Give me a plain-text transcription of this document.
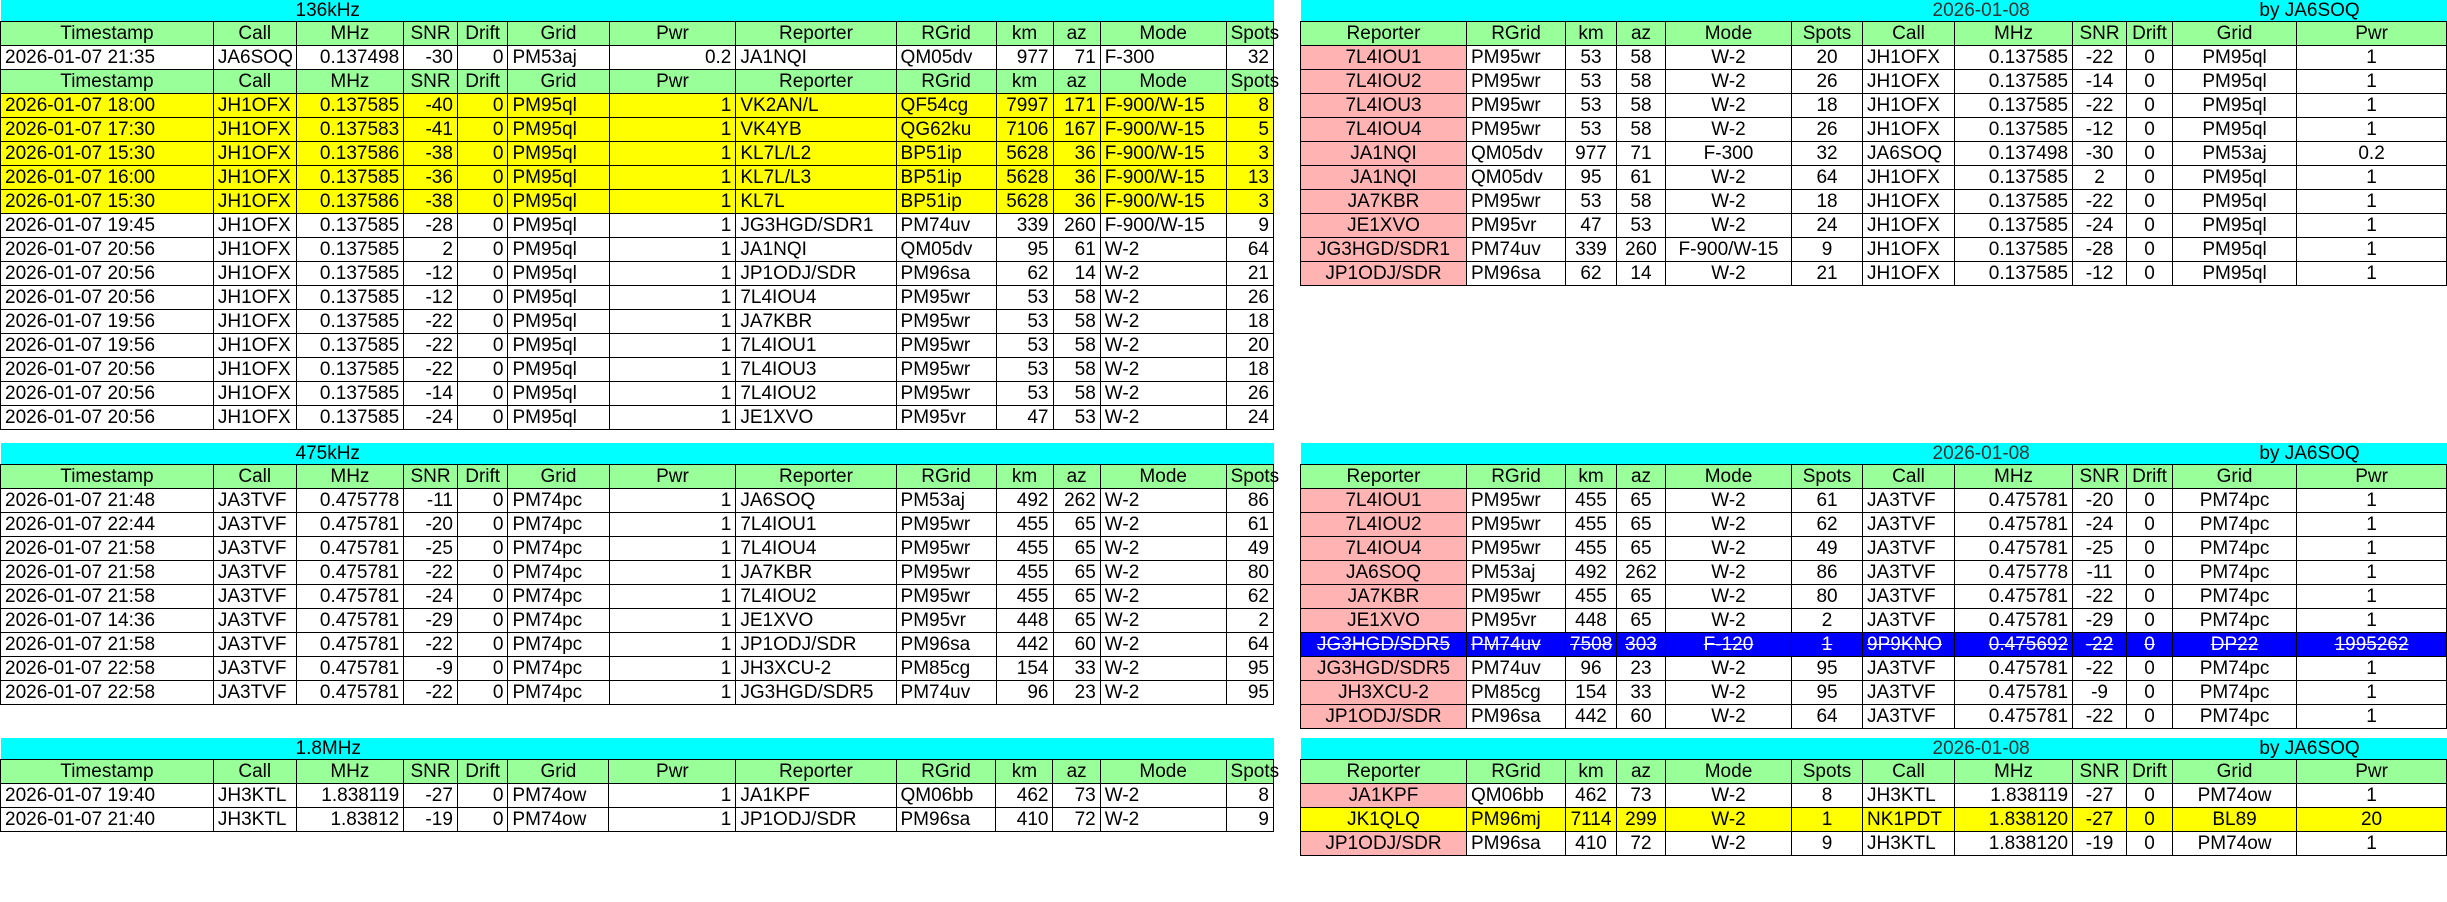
136kHz												
Timestamp	Call	MHz	SNR	Drift	Grid	Pwr	Reporter	RGrid	km	az	Mode	Spots
2026-01-07 21:35	JA6SOQ	0.137498	-30	0	PM53aj	0.2	JA1NQI	QM05dv	977	71	F-300	32
Timestamp	Call	MHz	SNR	Drift	Grid	Pwr	Reporter	RGrid	km	az	Mode	Spots
2026-01-07 18:00	JH1OFX	0.137585	-40	0	PM95ql	1	VK2AN/L	QF54cg	7997	171	F-900/W-15	8
2026-01-07 17:30	JH1OFX	0.137583	-41	0	PM95ql	1	VK4YB	QG62ku	7106	167	F-900/W-15	5
2026-01-07 15:30	JH1OFX	0.137586	-38	0	PM95ql	1	KL7L/L2	BP51ip	5628	36	F-900/W-15	3
2026-01-07 16:00	JH1OFX	0.137585	-36	0	PM95ql	1	KL7L/L3	BP51ip	5628	36	F-900/W-15	13
2026-01-07 15:30	JH1OFX	0.137586	-38	0	PM95ql	1	KL7L	BP51ip	5628	36	F-900/W-15	3
2026-01-07 19:45	JH1OFX	0.137585	-28	0	PM95ql	1	JG3HGD/SDR1	PM74uv	339	260	F-900/W-15	9
2026-01-07 20:56	JH1OFX	0.137585	2	0	PM95ql	1	JA1NQI	QM05dv	95	61	W-2	64
2026-01-07 20:56	JH1OFX	0.137585	-12	0	PM95ql	1	JP1ODJ/SDR	PM96sa	62	14	W-2	21
2026-01-07 20:56	JH1OFX	0.137585	-12	0	PM95ql	1	7L4IOU4	PM95wr	53	58	W-2	26
2026-01-07 19:56	JH1OFX	0.137585	-22	0	PM95ql	1	JA7KBR	PM95wr	53	58	W-2	18
2026-01-07 19:56	JH1OFX	0.137585	-22	0	PM95ql	1	7L4IOU1	PM95wr	53	58	W-2	20
2026-01-07 20:56	JH1OFX	0.137585	-22	0	PM95ql	1	7L4IOU3	PM95wr	53	58	W-2	18
2026-01-07 20:56	JH1OFX	0.137585	-14	0	PM95ql	1	7L4IOU2	PM95wr	53	58	W-2	26
2026-01-07 20:56	JH1OFX	0.137585	-24	0	PM95ql	1	JE1XVO	PM95vr	47	53	W-2	24
						2026-01-08				by JA6SOQ	
Reporter	RGrid	km	az	Mode	Spots	Call	MHz	SNR	Drift	Grid	Pwr
7L4IOU1	PM95wr	53	58	W-2	20	JH1OFX	0.137585	-22	0	PM95ql	1
7L4IOU2	PM95wr	53	58	W-2	26	JH1OFX	0.137585	-14	0	PM95ql	1
7L4IOU3	PM95wr	53	58	W-2	18	JH1OFX	0.137585	-22	0	PM95ql	1
7L4IOU4	PM95wr	53	58	W-2	26	JH1OFX	0.137585	-12	0	PM95ql	1
JA1NQI	QM05dv	977	71	F-300	32	JA6SOQ	0.137498	-30	0	PM53aj	0.2
JA1NQI	QM05dv	95	61	W-2	64	JH1OFX	0.137585	2	0	PM95ql	1
JA7KBR	PM95wr	53	58	W-2	18	JH1OFX	0.137585	-22	0	PM95ql	1
JE1XVO	PM95vr	47	53	W-2	24	JH1OFX	0.137585	-24	0	PM95ql	1
JG3HGD/SDR1	PM74uv	339	260	F-900/W-15	9	JH1OFX	0.137585	-28	0	PM95ql	1
JP1ODJ/SDR	PM96sa	62	14	W-2	21	JH1OFX	0.137585	-12	0	PM95ql	1
475kHz												
Timestamp	Call	MHz	SNR	Drift	Grid	Pwr	Reporter	RGrid	km	az	Mode	Spots
2026-01-07 21:48	JA3TVF	0.475778	-11	0	PM74pc	1	JA6SOQ	PM53aj	492	262	W-2	86
2026-01-07 22:44	JA3TVF	0.475781	-20	0	PM74pc	1	7L4IOU1	PM95wr	455	65	W-2	61
2026-01-07 21:58	JA3TVF	0.475781	-25	0	PM74pc	1	7L4IOU4	PM95wr	455	65	W-2	49
2026-01-07 21:58	JA3TVF	0.475781	-22	0	PM74pc	1	JA7KBR	PM95wr	455	65	W-2	80
2026-01-07 21:58	JA3TVF	0.475781	-24	0	PM74pc	1	7L4IOU2	PM95wr	455	65	W-2	62
2026-01-07 14:36	JA3TVF	0.475781	-29	0	PM74pc	1	JE1XVO	PM95vr	448	65	W-2	2
2026-01-07 21:58	JA3TVF	0.475781	-22	0	PM74pc	1	JP1ODJ/SDR	PM96sa	442	60	W-2	64
2026-01-07 22:58	JA3TVF	0.475781	-9	0	PM74pc	1	JH3XCU-2	PM85cg	154	33	W-2	95
2026-01-07 22:58	JA3TVF	0.475781	-22	0	PM74pc	1	JG3HGD/SDR5	PM74uv	96	23	W-2	95
						2026-01-08				by JA6SOQ	
Reporter	RGrid	km	az	Mode	Spots	Call	MHz	SNR	Drift	Grid	Pwr
7L4IOU1	PM95wr	455	65	W-2	61	JA3TVF	0.475781	-20	0	PM74pc	1
7L4IOU2	PM95wr	455	65	W-2	62	JA3TVF	0.475781	-24	0	PM74pc	1
7L4IOU4	PM95wr	455	65	W-2	49	JA3TVF	0.475781	-25	0	PM74pc	1
JA6SOQ	PM53aj	492	262	W-2	86	JA3TVF	0.475778	-11	0	PM74pc	1
JA7KBR	PM95wr	455	65	W-2	80	JA3TVF	0.475781	-22	0	PM74pc	1
JE1XVO	PM95vr	448	65	W-2	2	JA3TVF	0.475781	-29	0	PM74pc	1
JG3HGD/SDR5	PM74uv	7508	303	F-120	1	9P9KNO	0.475692	-22	0	DP22	1995262
JG3HGD/SDR5	PM74uv	96	23	W-2	95	JA3TVF	0.475781	-22	0	PM74pc	1
JH3XCU-2	PM85cg	154	33	W-2	95	JA3TVF	0.475781	-9	0	PM74pc	1
JP1ODJ/SDR	PM96sa	442	60	W-2	64	JA3TVF	0.475781	-22	0	PM74pc	1
1.8MHz												
Timestamp	Call	MHz	SNR	Drift	Grid	Pwr	Reporter	RGrid	km	az	Mode	Spots
2026-01-07 19:40	JH3KTL	1.838119	-27	0	PM74ow	1	JA1KPF	QM06bb	462	73	W-2	8
2026-01-07 21:40	JH3KTL	1.83812	-19	0	PM74ow	1	JP1ODJ/SDR	PM96sa	410	72	W-2	9
						2026-01-08				by JA6SOQ	
Reporter	RGrid	km	az	Mode	Spots	Call	MHz	SNR	Drift	Grid	Pwr
JA1KPF	QM06bb	462	73	W-2	8	JH3KTL	1.838119	-27	0	PM74ow	1
JK1QLQ	PM96mj	7114	299	W-2	1	NK1PDT	1.838120	-27	0	BL89	20
JP1ODJ/SDR	PM96sa	410	72	W-2	9	JH3KTL	1.838120	-19	0	PM74ow	1
